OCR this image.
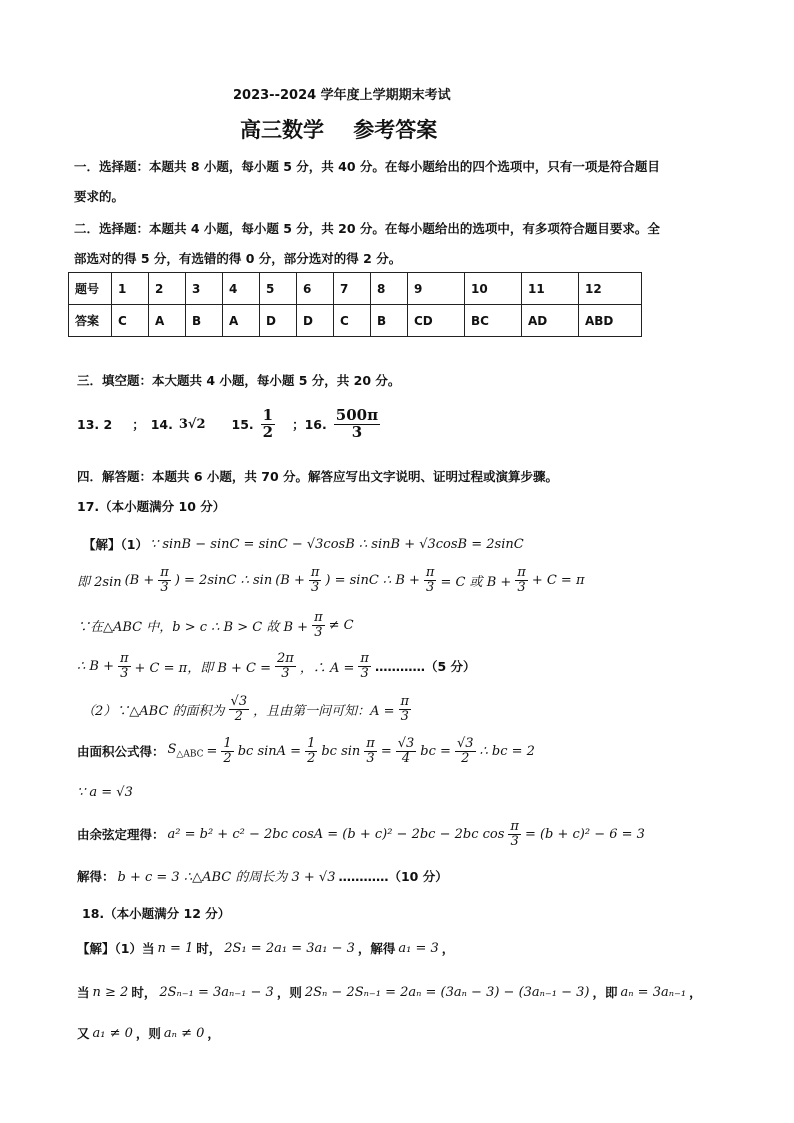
2023--2024 学年度上学期期末考试
高三数学    参考答案
一．选择题：本题共 8 小题，每小题 5 分，共 40 分。在每小题给出的四个选项中，只有一项是符合题目
要求的。
二．选择题：本题共 4 小题，每小题 5 分，共 20 分。在每小题给出的选项中，有多项符合题目要求。全
部选对的得 5 分，有选错的得 0 分，部分选对的得 2 分。
题号	1	2	3	4	5	6	7	8	9	10	11	12
答案	C	A	B	A	D	D	C	B	CD	BC	AD	ABD
三．填空题：本大题共 4 小题，每小题 5 分，共 20 分。
13. 2 ； 14. 3√2 15. $\frac{1}{2}$ ；16. $\frac{500\pi}{3}$
四．解答题：本题共 6 小题，共 70 分。解答应写出文字说明、证明过程或演算步骤。
17.（本小题满分 10 分）
【解】（1） ∵ sinB − sinC = sinC − √3cosB ∴ sinB + √3cosB = 2sinC
即 2sin ($B + \frac{\pi}{3}$ ) = 2sinC ∴ $\sin (B + \frac{\pi}{3}$ ) = sinC ∴ $B + \frac{\pi}{3} = C$ 或 $B + \frac{\pi}{3} + C = \pi$
∵在△ABC 中，b > c ∴ B > C 故 $B + \frac{\pi}{3} \ne C$
∴ $B + \frac{\pi}{3} + C = \pi$，即 $B + C = \frac{2\pi}{3}$ ，∴ $A = \frac{\pi}{3}$ …………（5 分）
（2）∵△ABC 的面积为 $\frac{√3}{2}$ ，且由第一问可知：$A = \frac{\pi}{3}$
由面积公式得： $S_{\triangle ABC} = \frac{1}{2}$ bc $\sin A = \frac{1}{2}$ bc $\sin \frac{\pi}{3} = \frac{√3}{4}$ bc = $\frac{√3}{2}$ ∴ bc = 2
∵ a = √3
由余弦定理得： a² = b² + c² − 2bc cosA = (b + c)² − 2bc − 2bc $\cos \frac{\pi}{3} = (b + c)^2 - 6 = 3$
解得： b + c = 3 ∴△ABC 的周长为 3 + √3 …………（10 分）
18.（本小题满分 12 分）
【解】（1）当 n = 1 时， 2S₁ = 2a₁ = 3a₁ − 3 ，解得 a₁ = 3 ，
当 n ≥ 2 时， 2Sₙ₋₁ = 3aₙ₋₁ − 3 ，则 2Sₙ − 2Sₙ₋₁ = 2aₙ = (3aₙ − 3) − (3aₙ₋₁ − 3) ，即 aₙ = 3aₙ₋₁ ，
又 a₁ ≠ 0 ，则 aₙ ≠ 0 ，
